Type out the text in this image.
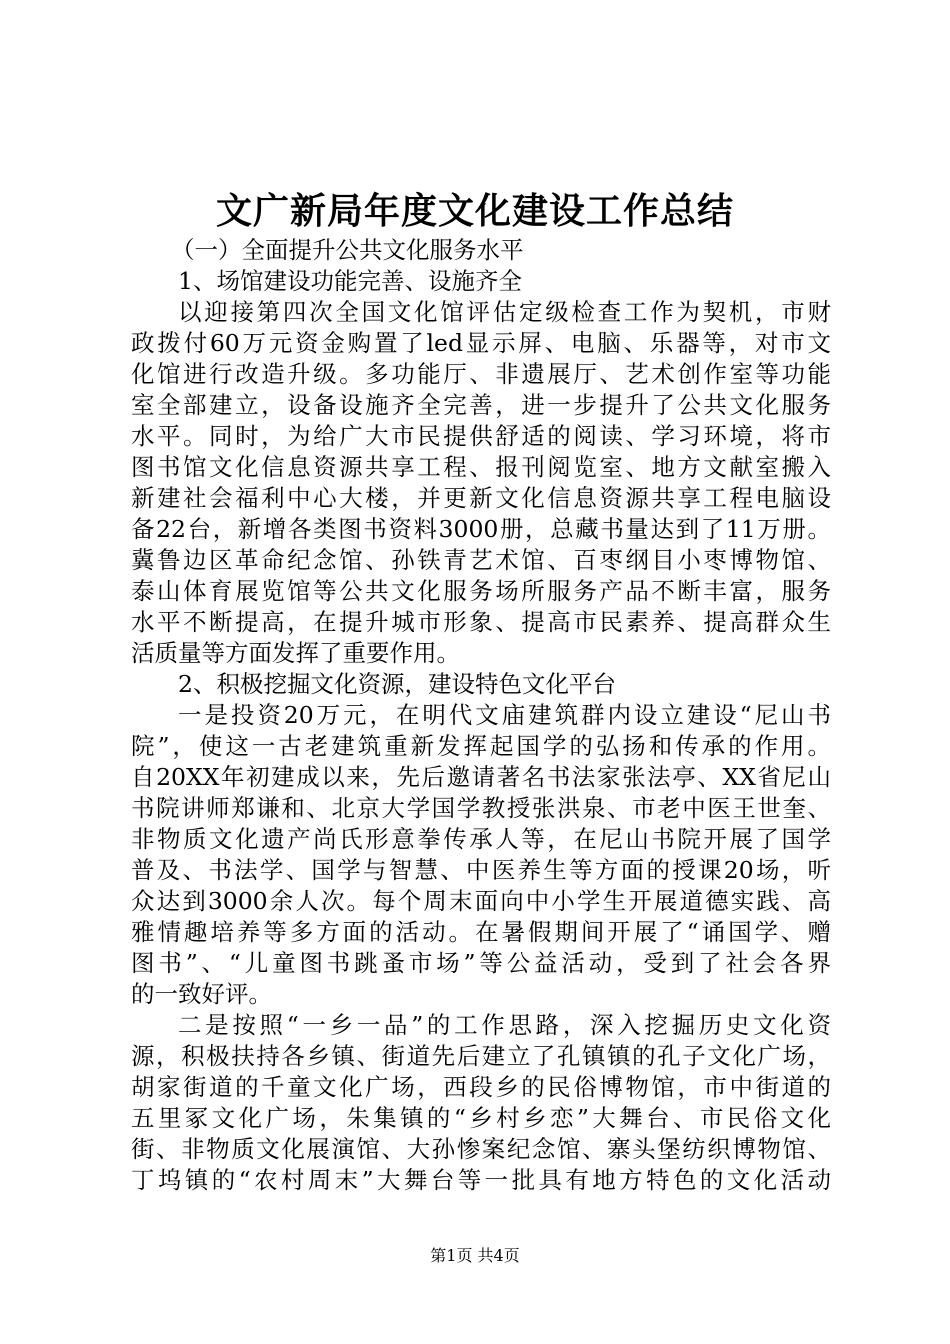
文广新局年度文化建设工作总结
（一）全面提升公共文化服务水平
1、场馆建设功能完善、设施齐全
以迎接第四次全国文化馆评估定级检查工作为契机，市财
政拨付60万元资金购置了led显示屏、电脑、乐器等，对市文
化馆进行改造升级。多功能厅、非遗展厅、艺术创作室等功能
室全部建立，设备设施齐全完善，进一步提升了公共文化服务
水平。同时，为给广大市民提供舒适的阅读、学习环境，将市
图书馆文化信息资源共享工程、报刊阅览室、地方文献室搬入
新建社会福利中心大楼，并更新文化信息资源共享工程电脑设
备22台，新增各类图书资料3000册，总藏书量达到了11万册。
冀鲁边区革命纪念馆、孙铁青艺术馆、百枣纲目小枣博物馆、
泰山体育展览馆等公共文化服务场所服务产品不断丰富，服务
水平不断提高，在提升城市形象、提高市民素养、提高群众生
活质量等方面发挥了重要作用。
2、积极挖掘文化资源，建设特色文化平台
一是投资20万元，在明代文庙建筑群内设立建设“尼山书
院”，使这一古老建筑重新发挥起国学的弘扬和传承的作用。
自20XX年初建成以来，先后邀请著名书法家张法亭、XX省尼山
书院讲师郑谦和、北京大学国学教授张洪泉、市老中医王世奎、
非物质文化遗产尚氏形意拳传承人等，在尼山书院开展了国学
普及、书法学、国学与智慧、中医养生等方面的授课20场，听
众达到3000余人次。每个周末面向中小学生开展道德实践、高
雅情趣培养等多方面的活动。在暑假期间开展了“诵国学、赠
图书”、“儿童图书跳蚤市场”等公益活动，受到了社会各界
的一致好评。
二是按照“一乡一品”的工作思路，深入挖掘历史文化资
源，积极扶持各乡镇、街道先后建立了孔镇镇的孔子文化广场，
胡家街道的千童文化广场，西段乡的民俗博物馆，市中街道的
五里冢文化广场，朱集镇的“乡村乡恋”大舞台、市民俗文化
街、非物质文化展演馆、大孙惨案纪念馆、寨头堡纺织博物馆、
丁坞镇的“农村周末”大舞台等一批具有地方特色的文化活动
第1页 共4页
